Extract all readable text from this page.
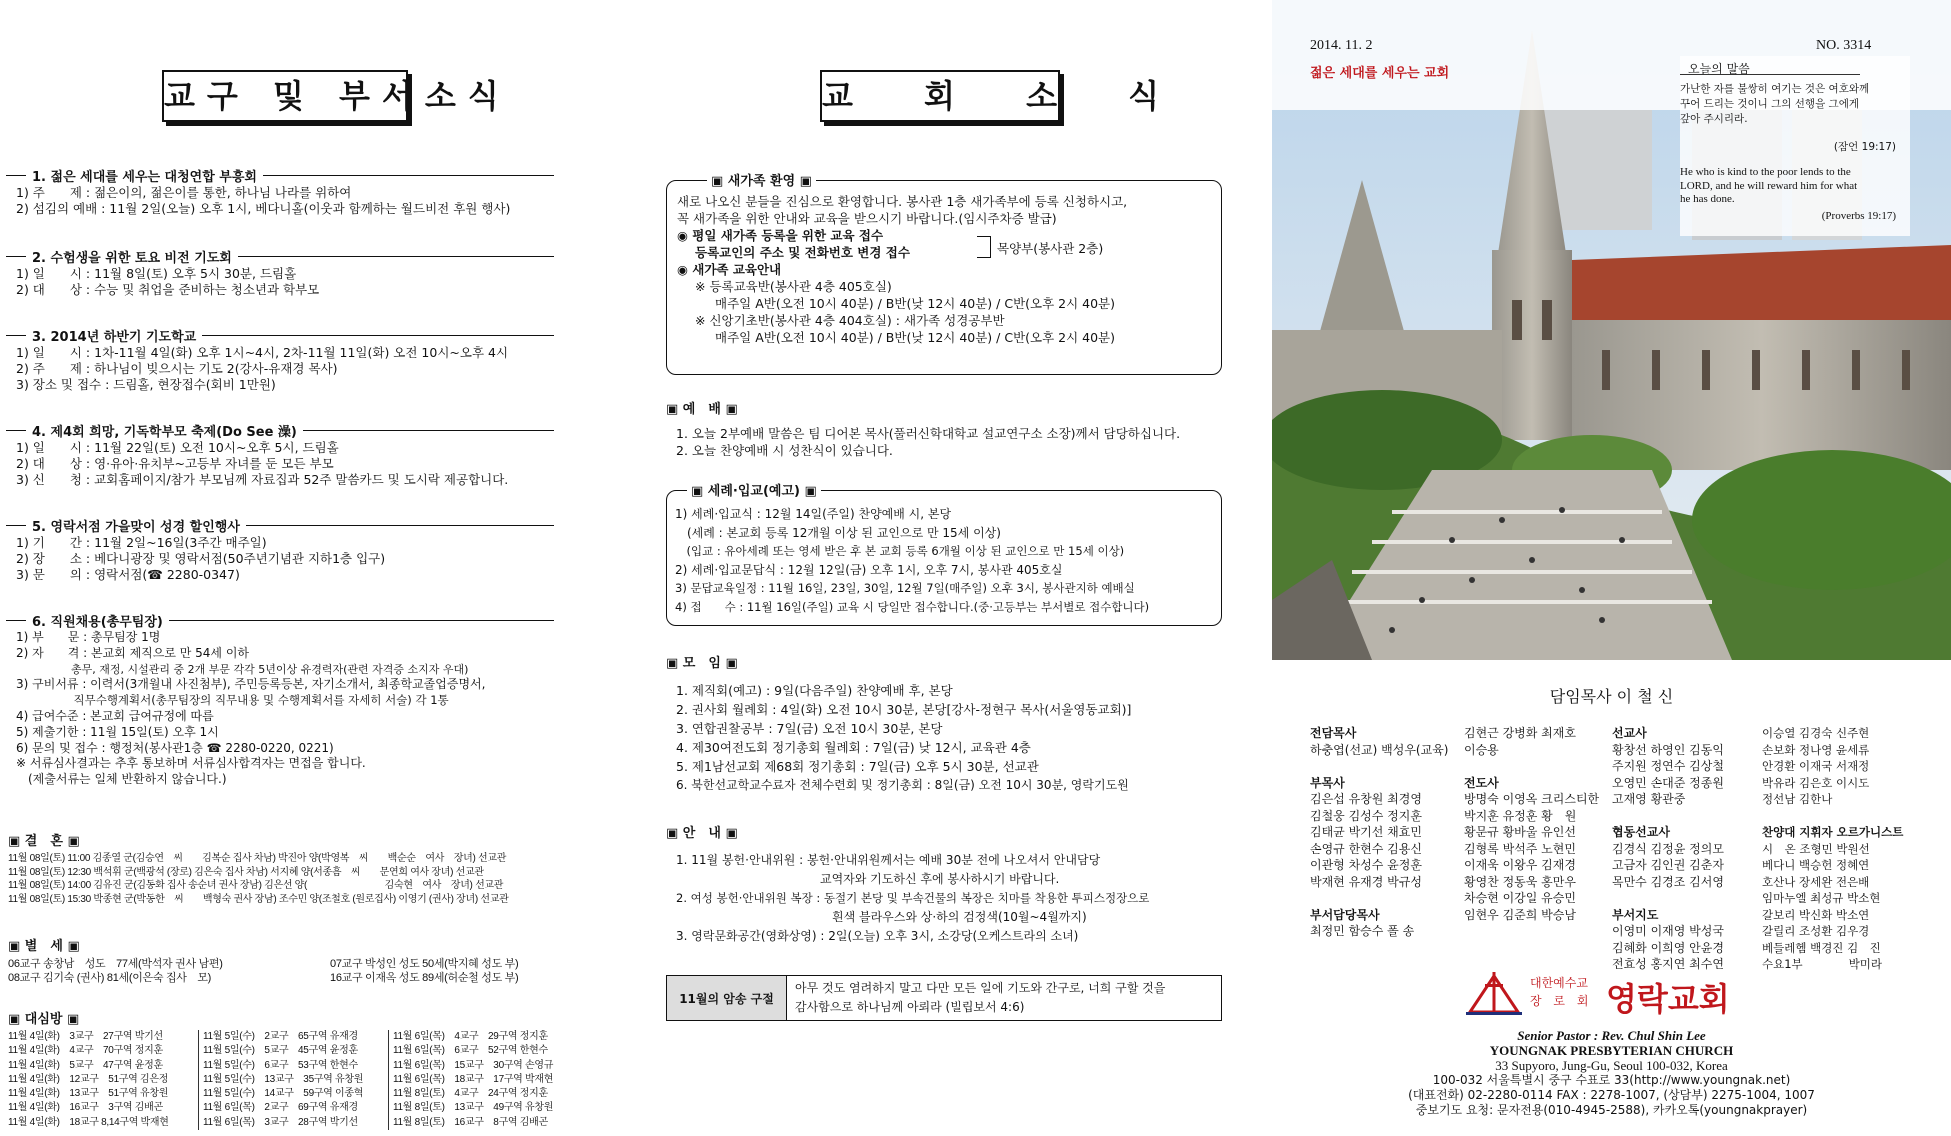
교구 및 부서소식
1. 젊은 세대를 세우는 대청연합 부흥회
1) 주　　제 : 젊은이의, 젊은이를 통한, 하나님 나라를 위하여
2) 섬김의 예배 : 11월 2일(오늘) 오후 1시, 베다니홀(이웃과 함께하는 월드비전 후원 행사)
2. 수험생을 위한 토요 비전 기도회
1) 일　　시 : 11월 8일(토) 오후 5시 30분, 드림홀
2) 대　　상 : 수능 및 취업을 준비하는 청소년과 학부모
3. 2014년 하반기 기도학교
1) 일　　시 : 1차-11월 4일(화) 오후 1시~4시, 2차-11월 11일(화) 오전 10시~오후 4시
2) 주　　제 : 하나님이 빚으시는 기도 2(강사-유재경 목사)
3) 장소 및 접수 : 드림홀, 현장접수(회비 1만원)
4. 제4회 희망, 기독학부모 축제(Do See 澡)
1) 일　　시 : 11월 22일(토) 오전 10시~오후 5시, 드림홀
2) 대　　상 : 영·유아·유치부~고등부 자녀를 둔 모든 부모
3) 신　　청 : 교회홈페이지/참가 부모님께 자료집과 52주 말씀카드 및 도시락 제공합니다.
5. 영락서점 가을맞이 성경 할인행사
1) 기　　간 : 11월 2일~16일(3주간 매주일)
2) 장　　소 : 베다니광장 및 영락서점(50주년기념관 지하1층 입구)
3) 문　　의 : 영락서점(☎ 2280-0347)
6. 직원채용(총무팀장)
1) 부　　문 : 총무팀장 1명
2) 자　　격 : 본교회 제직으로 만 54세 이하
　　　　　총무, 재정, 시설관리 중 2개 부문 각각 5년이상 유경력자(관련 자격증 소지자 우대)
3) 구비서류 : 이력서(3개월내 사진첨부), 주민등록등본, 자기소개서, 최종학교졸업증명서,
　　　　　직무수행계획서(총무팀장의 직무내용 및 수행계획서를 자세히 서술) 각 1통
4) 급여수준 : 본교회 급여규정에 따름
5) 제출기한 : 11월 15일(토) 오후 1시
6) 문의 및 접수 : 행정처(봉사관1층 ☎ 2280-0220, 0221)
※ 서류심사결과는 추후 통보하며 서류심사합격자는 면접을 합니다.
　(제출서류는 일체 반환하지 않습니다.)
▣ 결　혼 ▣
11월 08일(토) 11:00 김종열 군(김승연　씨　　김복순 집사 차남) 박진아 양(박영복　씨　　백순순　여사　장녀) 선교관
11월 08일(토) 12:30 백석휘 군(백광석 (장로) 김은숙 집사 차남) 서지혜 양(서종흠　씨　　문연희 여사 장녀) 선교관
11월 08일(토) 14:00 김유진 군(김동화 집사 송순녀 권사 장남) 김은선 양(　　　　　　　　김숙현　여사　장녀) 선교관
11월 08일(토) 15:30 박종현 군(박동한　씨　　백형숙 권사 장남) 조수민 양(조철호 (원로집사) 이영기 (권사) 장녀) 선교관
▣ 별　세 ▣
06교구 송창남　성도　77세(박석자 권사 남편)
08교구 김기숙 (권사) 81세(이은숙 집사　모)
07교구 박성인 성도 50세(박지혜 성도 부)
16교구 이재옥 성도 89세(허순철 성도 부)
▣ 대심방 ▣
11월 4일(화)　3교구　27구역 박기선
11월 4일(화)　4교구　70구역 정지훈
11월 4일(화)　5교구　47구역 윤정훈
11월 4일(화)　12교구　51구역 김은정
11월 4일(화)　13교구　51구역 유창원
11월 4일(화)　16교구　3구역 김배곤
11월 4일(화)　18교구 8,14구역 박재현
11월 5일(수)　2교구　65구역 유재경
11월 5일(수)　5교구　45구역 윤정훈
11월 5일(수)　6교구　53구역 한현수
11월 5일(수)　13교구　35구역 유창원
11월 5일(수)　14교구　59구역 이종혁
11월 6일(목)　2교구　69구역 유재경
11월 6일(목)　3교구　28구역 박기선
11월 6일(목)　4교구　29구역 정지훈
11월 6일(목)　6교구　52구역 한현수
11월 6일(목)　15교구　30구역 손영규
11월 6일(목)　18교구　17구역 박재현
11월 8일(토)　4교구　24구역 정지훈
11월 8일(토)　13교구　49구역 유창원
11월 8일(토)　16교구　8구역 김배곤
교 회 소 식
▣ 새가족 환영 ▣
새로 나오신 분들을 진심으로 환영합니다. 봉사관 1층 새가족부에 등록 신청하시고,
꼭 새가족을 위한 안내와 교육을 받으시기 바랍니다.(임시주차증 발급)
◉ 평일 새가족 등록을 위한 교육 접수
등록교인의 주소 및 전화번호 변경 접수
◉ 새가족 교육안내
※ 등록교육반(봉사관 4층 405호실)
매주일 A반(오전 10시 40분) / B반(낮 12시 40분) / C반(오후 2시 40분)
※ 신앙기초반(봉사관 4층 404호실) : 새가족 성경공부반
매주일 A반(오전 10시 40분) / B반(낮 12시 40분) / C반(오후 2시 40분)
목양부(봉사관 2층)
▣ 예　배 ▣
1. 오늘 2부예배 말씀은 팀 디어본 목사(풀러신학대학교 설교연구소 소장)께서 담당하십니다.
2. 오늘 찬양예배 시 성찬식이 있습니다.
▣ 세례·입교(예고) ▣
1) 세례·입교식 : 12월 14일(주일) 찬양예배 시, 본당
　(세례 : 본교회 등록 12개월 이상 된 교인으로 만 15세 이상)
　(입교 : 유아세례 또는 영세 받은 후 본 교회 등록 6개월 이상 된 교인으로 만 15세 이상)
2) 세례·입교문답식 : 12월 12일(금) 오후 1시, 오후 7시, 봉사관 405호실
3) 문답교육일정 : 11월 16일, 23일, 30일, 12월 7일(매주일) 오후 3시, 봉사관지하 예배실
4) 접　　수 : 11월 16일(주일) 교육 시 당일만 접수합니다.(중·고등부는 부서별로 접수합니다)
▣ 모　임 ▣
1. 제직회(예고) : 9일(다음주일) 찬양예배 후, 본당
2. 권사회 월례회 : 4일(화) 오전 10시 30분, 본당[강사-정현구 목사(서울영동교회)]
3. 연합권찰공부 : 7일(금) 오전 10시 30분, 본당
4. 제30여전도회 정기총회 월례회 : 7일(금) 낮 12시, 교육관 4층
5. 제1남선교회 제68회 정기총회 : 7일(금) 오후 5시 30분, 선교관
6. 북한선교학교수료자 전체수련회 및 정기총회 : 8일(금) 오전 10시 30분, 영락기도원
▣ 안　내 ▣
1. 11월 봉헌·안내위원 : 봉헌·안내위원께서는 예배 30분 전에 나오셔서 안내담당
　　　　　　　　　　　　교역자와 기도하신 후에 봉사하시기 바랍니다.
2. 여성 봉헌·안내위원 복장 : 동절기 본당 및 부속건물의 복장은 치마를 착용한 투피스정장으로
　　　　　　　　　　　　　흰색 블라우스와 상·하의 검정색(10월~4월까지)
3. 영락문화공간(영화상영) : 2일(오늘) 오후 3시, 소강당(오케스트라의 소녀)
11월의 암송 구절
아무 것도 염려하지 말고 다만 모든 일에 기도와 간구로, 너희 구할 것을
감사함으로 하나님께 아뢰라 (빌립보서 4:6)
2014. 11. 2
젊은 세대를 세우는 교회
NO. 3314
오늘의 말씀
가난한 자를 불쌍히 여기는 것은 여호와께
꾸어 드리는 것이니 그의 선행을 그에게
갚아 주시리라.
(잠언 19:17)
He who is kind to the poor lends to the
LORD, and he will reward him for what
he has done.
(Proverbs 19:17)
담임목사 이 철 신
전담목사
하충엽(선교) 백성우(교육)

부목사
김은섭 유창원 최경영
김철웅 김성수 정지훈
김태균 박기선 채효민
손영규 한현수 김용신
이관형 차성수 윤정훈
박재현 유재경 박규성

부서담당목사
최정민 함승수 폴 송
김현근 강병화 최재호
이승용

전도사
방명숙 이영옥 크리스티한
박지훈 유정훈 황　원
황문규 황바울 유인선
김형록 박석주 노현민
이재욱 이왕우 김재경
황영찬 정동욱 홍만우
차승현 이강일 유승민
임현우 김준희 박승남
선교사
황창선 하영인 김동익
주지원 정연수 김상철
오영민 손대준 정종원
고재영 황관중

협동선교사
김경식 김정윤 정의모
고금자 김인권 김춘자
목만수 김경조 김서영

부서지도
이영미 이재영 박성국
김혜화 이희영 안윤경
전효성 홍지연 최수연
이승열 김경숙 신주현
손보화 정나영 윤세류
안경환 이재국 서재정
박유라 김은호 이시도
정선남 김한나

찬양대 지휘자 오르가니스트
시　온 조형민 박원선
베다니 백승헌 정혜연
호산나 장세완 전은배
임마누엘 최성규 박소현
갈보리 박신화 박소연
갈릴리 조성환 김우경
베들레헴 백경진 김　진
수요1부　　　　박미라
대한예수교
장 로 회 영락교회
Senior Pastor : Rev. Chul Shin Lee
YOUNGNAK PRESBYTERIAN CHURCH
33 Supyoro, Jung-Gu, Seoul 100-032, Korea
100-032 서울특별시 중구 수표로 33(http://www.youngnak.net)
(대표전화) 02-2280-0114 FAX : 2278-1007, (상담부) 2275-1004, 1007
중보기도 요청: 문자전용(010-4945-2588), 카카오톡(youngnakprayer)
